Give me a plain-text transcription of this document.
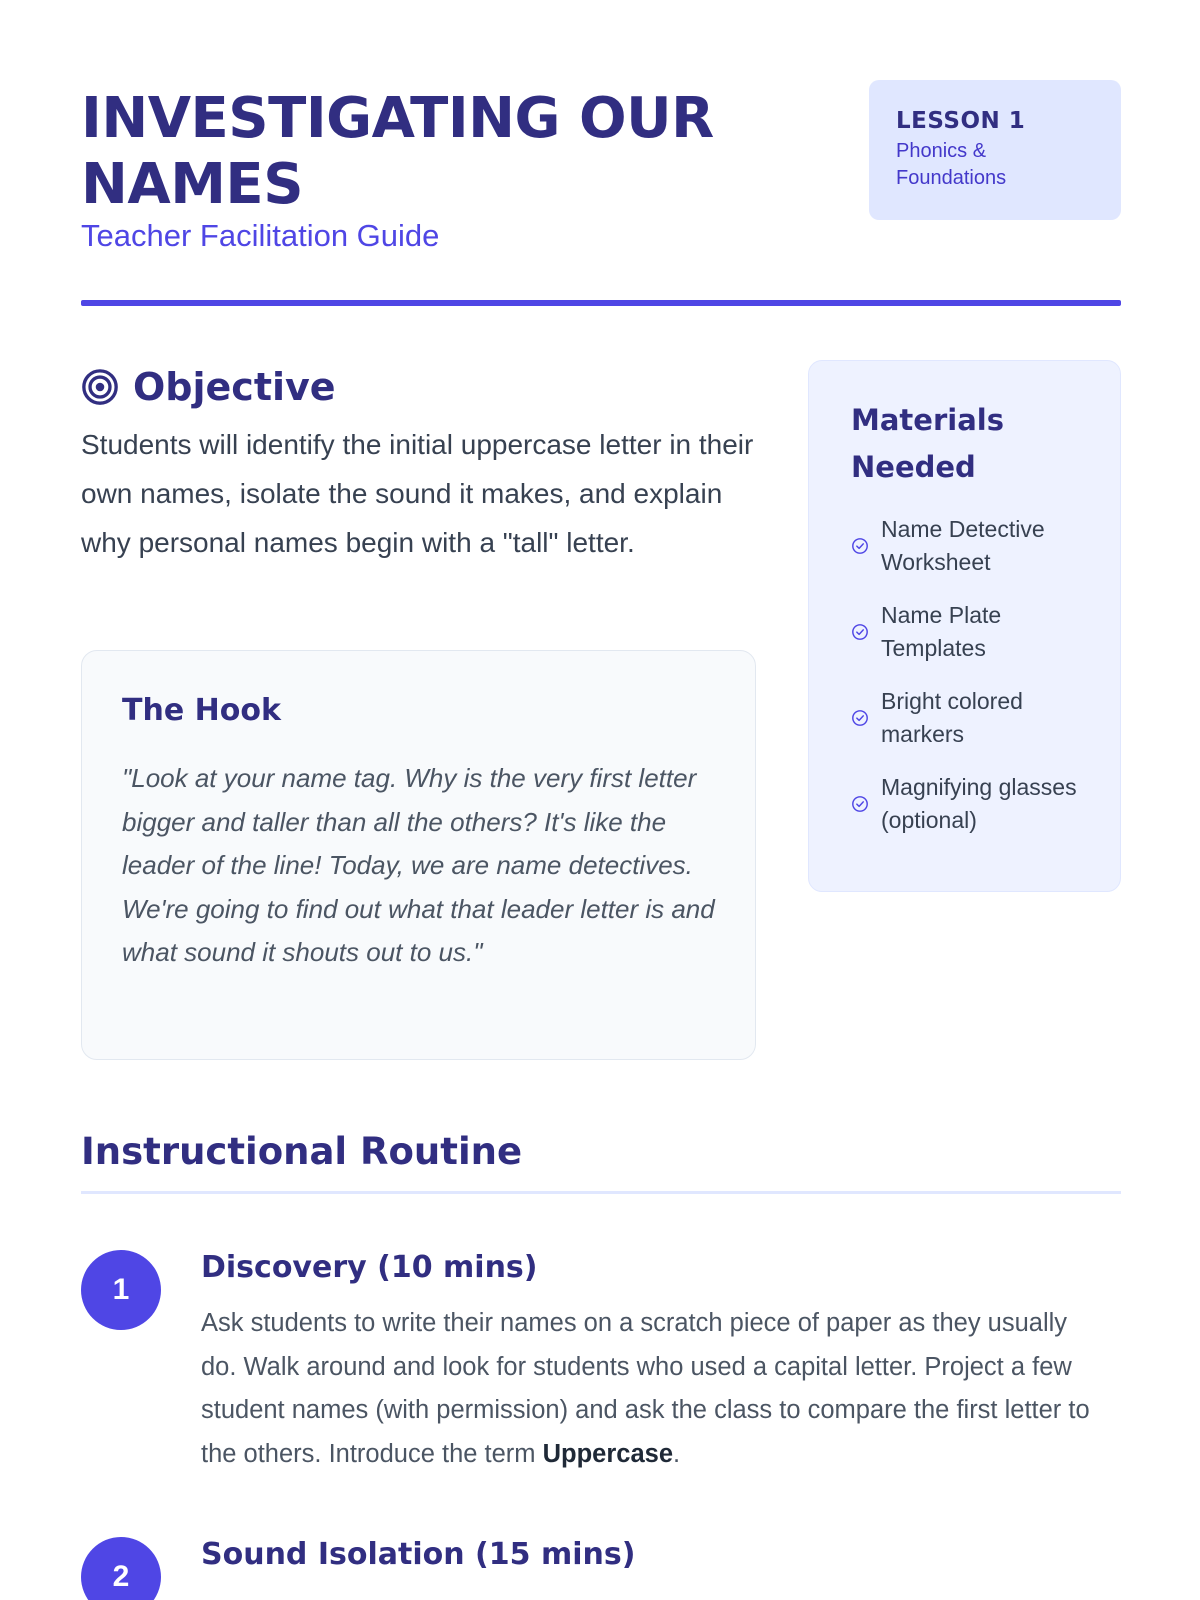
INVESTIGATING OUR NAMES
Teacher Facilitation Guide
LESSON 1
Phonics & Foundations
Objective

Students will identify the initial uppercase letter in their own names, isolate the sound it makes, and explain why personal names begin with a "tall" letter.

The Hook

"Look at your name tag. Why is the very first letter bigger and taller than all the others? It's like the leader of the line! Today, we are name detectives. We're going to find out what that leader letter is and what sound it shouts out to us."

Materials Needed
Name Detective Worksheet
Name Plate Templates
Bright colored markers
Magnifying glasses (optional)
Instructional Routine
1
Discovery (10 mins)

Ask students to write their names on a scratch piece of paper as they usually do. Walk around and look for students who used a capital letter. Project a few student names (with permission) and ask the class to compare the first letter to the others. Introduce the term Uppercase.

2
Sound Isolation (15 mins)
